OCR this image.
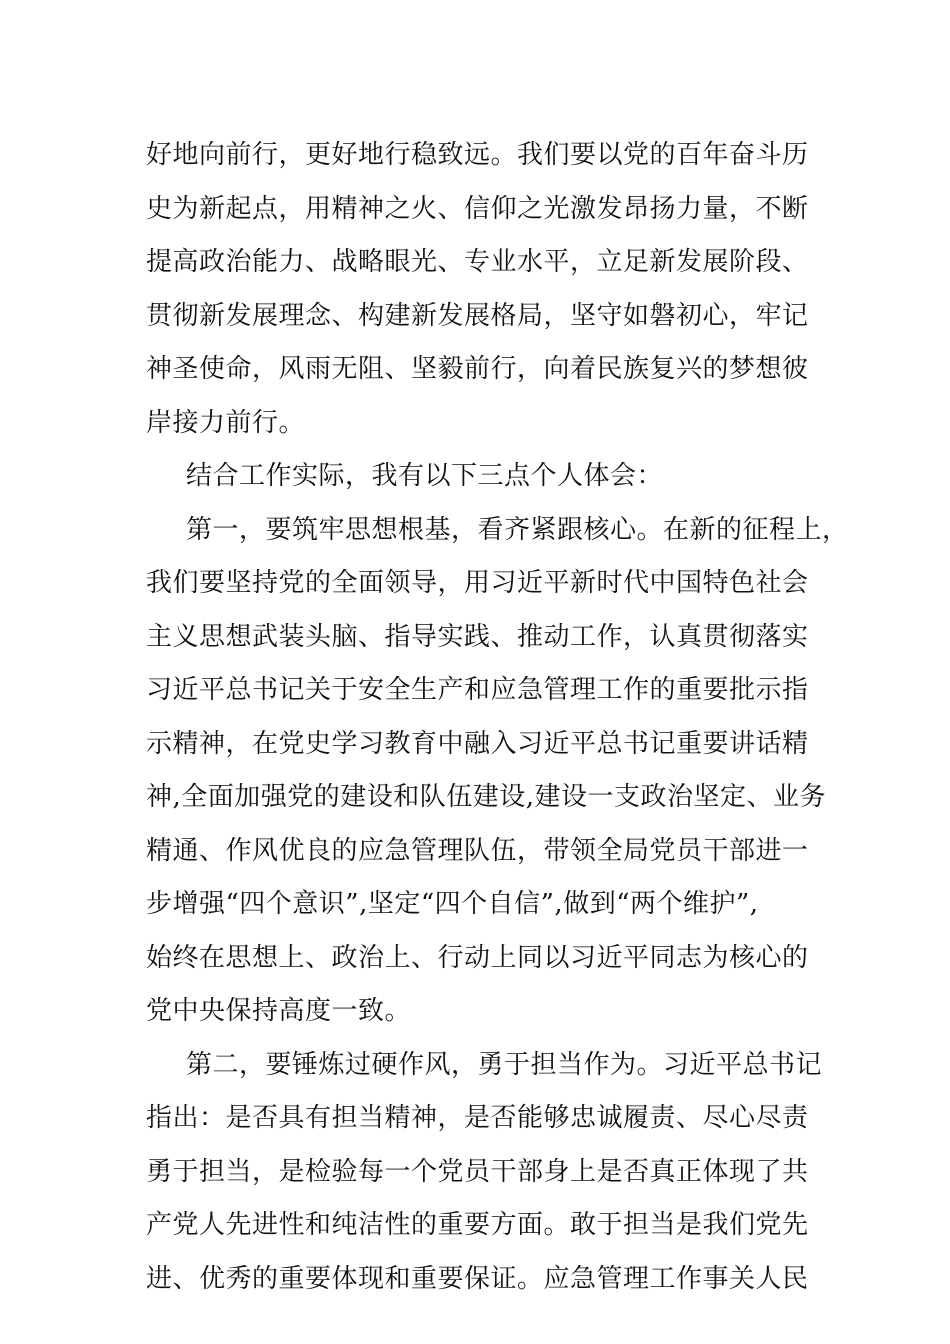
好地向前行，更好地行稳致远。我们要以党的百年奋斗历
史为新起点，用精神之火、信仰之光激发昂扬力量，不断
提高政治能力、战略眼光、专业水平，立足新发展阶段、
贯彻新发展理念、构建新发展格局，坚守如磐初心，牢记
神圣使命，风雨无阻、坚毅前行，向着民族复兴的梦想彼
岸接力前行。
结合工作实际，我有以下三点个人体会：
第一，要筑牢思想根基，看齐紧跟核心。在新的征程上，
我们要坚持党的全面领导，用习近平新时代中国特色社会
主义思想武装头脑、指导实践、推动工作，认真贯彻落实
习近平总书记关于安全生产和应急管理工作的重要批示指
示精神，在党史学习教育中融入习近平总书记重要讲话精
神,全面加强党的建设和队伍建设,建设一支政治坚定、业务
精通、作风优良的应急管理队伍，带领全局党员干部进一
步增强“四个意识”,坚定“四个自信”,做到“两个维护”,
始终在思想上、政治上、行动上同以习近平同志为核心的
党中央保持高度一致。
第二，要锤炼过硬作风，勇于担当作为。习近平总书记
指出：是否具有担当精神，是否能够忠诚履责、尽心尽责
勇于担当，是检验每一个党员干部身上是否真正体现了共
产党人先进性和纯洁性的重要方面。敢于担当是我们党先
进、优秀的重要体现和重要保证。应急管理工作事关人民
